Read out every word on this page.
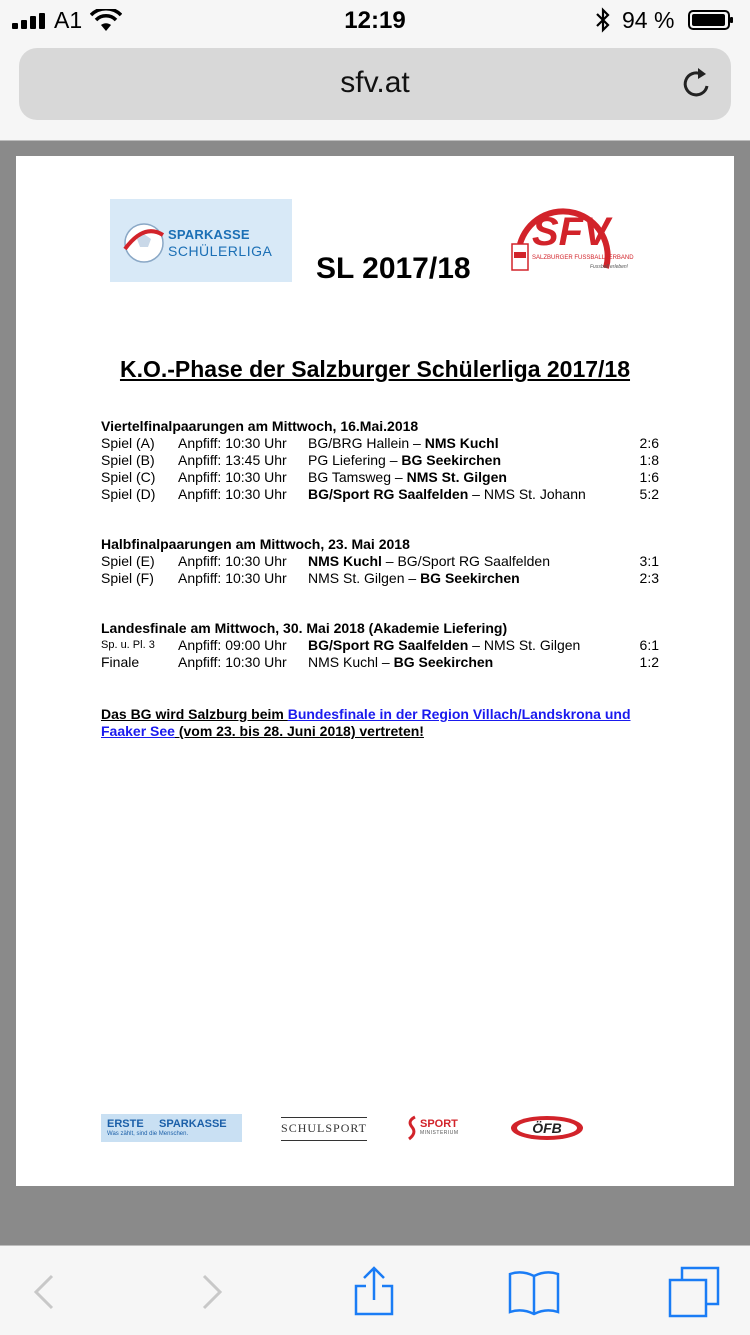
A1	12:19	94 %
sfv.at
SPARKASSE
SCHÜLERLIGA
SL 2017/18
SFV
SALZBURGER FUSSBALLVERBAND
Fussball erleben!
K.O.-Phase der Salzburger Schülerliga 2017/18
Viertelfinalpaarungen am Mittwoch, 16.Mai.2018
Spiel (A) Anpfiff: 10:30 Uhr BG/BRG Hallein – NMS Kuchl	2:6
Spiel (B) Anpfiff: 13:45 Uhr PG Liefering – BG Seekirchen	1:8
Spiel (C) Anpfiff: 10:30 Uhr BG Tamsweg – NMS St. Gilgen	1:6
Spiel (D) Anpfiff: 10:30 Uhr BG/Sport RG Saalfelden – NMS St. Johann	5:2
Halbfinalpaarungen am Mittwoch, 23. Mai 2018
Spiel (E) Anpfiff: 10:30 Uhr NMS Kuchl – BG/Sport RG Saalfelden	3:1
Spiel (F) Anpfiff: 10:30 Uhr NMS St. Gilgen – BG Seekirchen	2:3
Landesfinale am Mittwoch, 30. Mai 2018 (Akademie Liefering)
Sp. u. Pl. 3 Anpfiff: 09:00 Uhr BG/Sport RG Saalfelden – NMS St. Gilgen	6:1
Finale	Anpfiff: 10:30 Uhr NMS Kuchl – BG Seekirchen	1:2
Das BG wird Salzburg beim Bundesfinale in der Region Villach/Landskrona und Faaker See (vom 23. bis 28. Juni 2018) vertreten!
ERSTE SPARKASSE
Was zählt, sind die Menschen.	SCHULSPORT	SPORT
MINISTERIUM	ÖFB
